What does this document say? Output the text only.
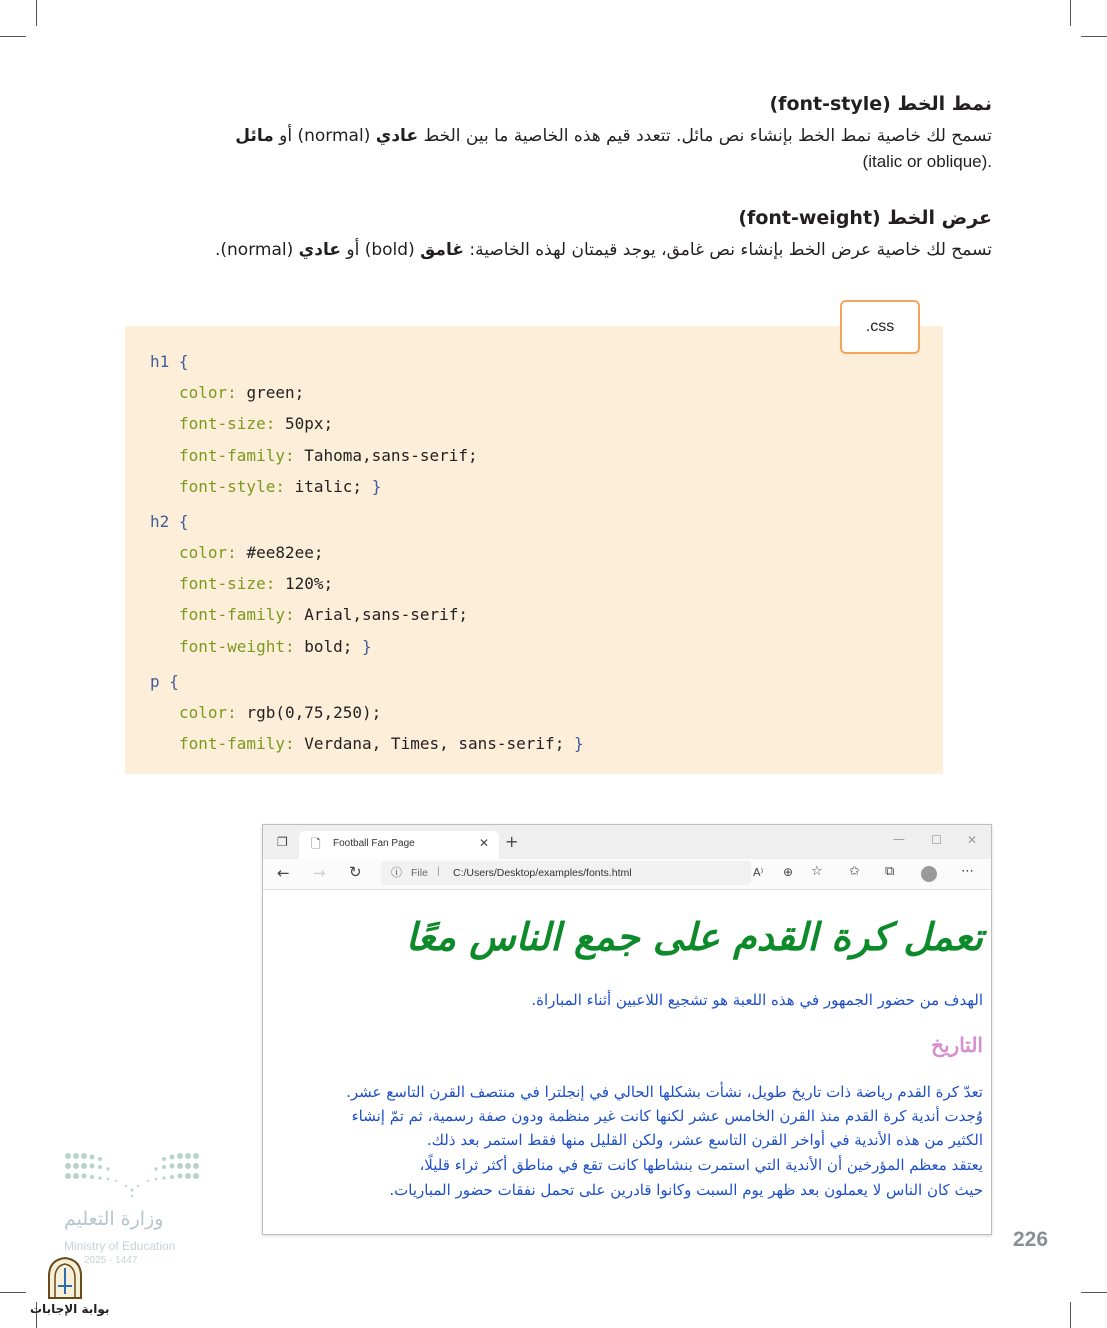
نمط الخط (font-style)
تسمح لك خاصية نمط الخط بإنشاء نص مائل. تتعدد قيم هذه الخاصية ما بين الخط عادي (normal) أو مائل
(italic or oblique).
عرض الخط (font-weight)
تسمح لك خاصية عرض الخط بإنشاء نص غامق، يوجد قيمتان لهذه الخاصية: غامق (bold) أو عادي (normal).
h1 {
color: green;
font-size: 50px;
font-family: Tahoma,sans-serif;
font-style: italic; }
h2 {
color: #ee82ee;
font-size: 120%;
font-family: Arial,sans-serif;
font-weight: bold; }
p {
color: rgb(0,75,250);
font-family: Verdana, Times, sans-serif; }
.css
❐ 🗋 Football Fan Page	✕ +	— ☐ ✕
← → ↻	ⓘ File | C:/Users/Desktop/examples/fonts.html	A⁾ ⊕ ☆ ✩ ⧉	⋯
تعمل كرة القدم على جمع الناس معًا
الهدف من حضور الجمهور في هذه اللعبة هو تشجيع اللاعبين أثناء المباراة.
التاريخ
تعدّ كرة القدم رياضة ذات تاريخ طويل، نشأت بشكلها الحالي في إنجلترا في منتصف القرن التاسع عشر.
وُجدت أندية كرة القدم منذ القرن الخامس عشر لكنها كانت غير منظمة ودون صفة رسمية، ثم تمّ إنشاء
الكثير من هذه الأندية في أواخر القرن التاسع عشر، ولكن القليل منها فقط استمر بعد ذلك.
يعتقد معظم المؤرخين أن الأندية التي استمرت بنشاطها كانت تقع في مناطق أكثر ثراء قليلًا،
حيث كان الناس لا يعملون بعد ظهر يوم السبت وكانوا قادرين على تحمل نفقات حضور المباريات.
وزارة التعليم
Ministry of Education
2025 - 1447
بوابة الإجابات
226
